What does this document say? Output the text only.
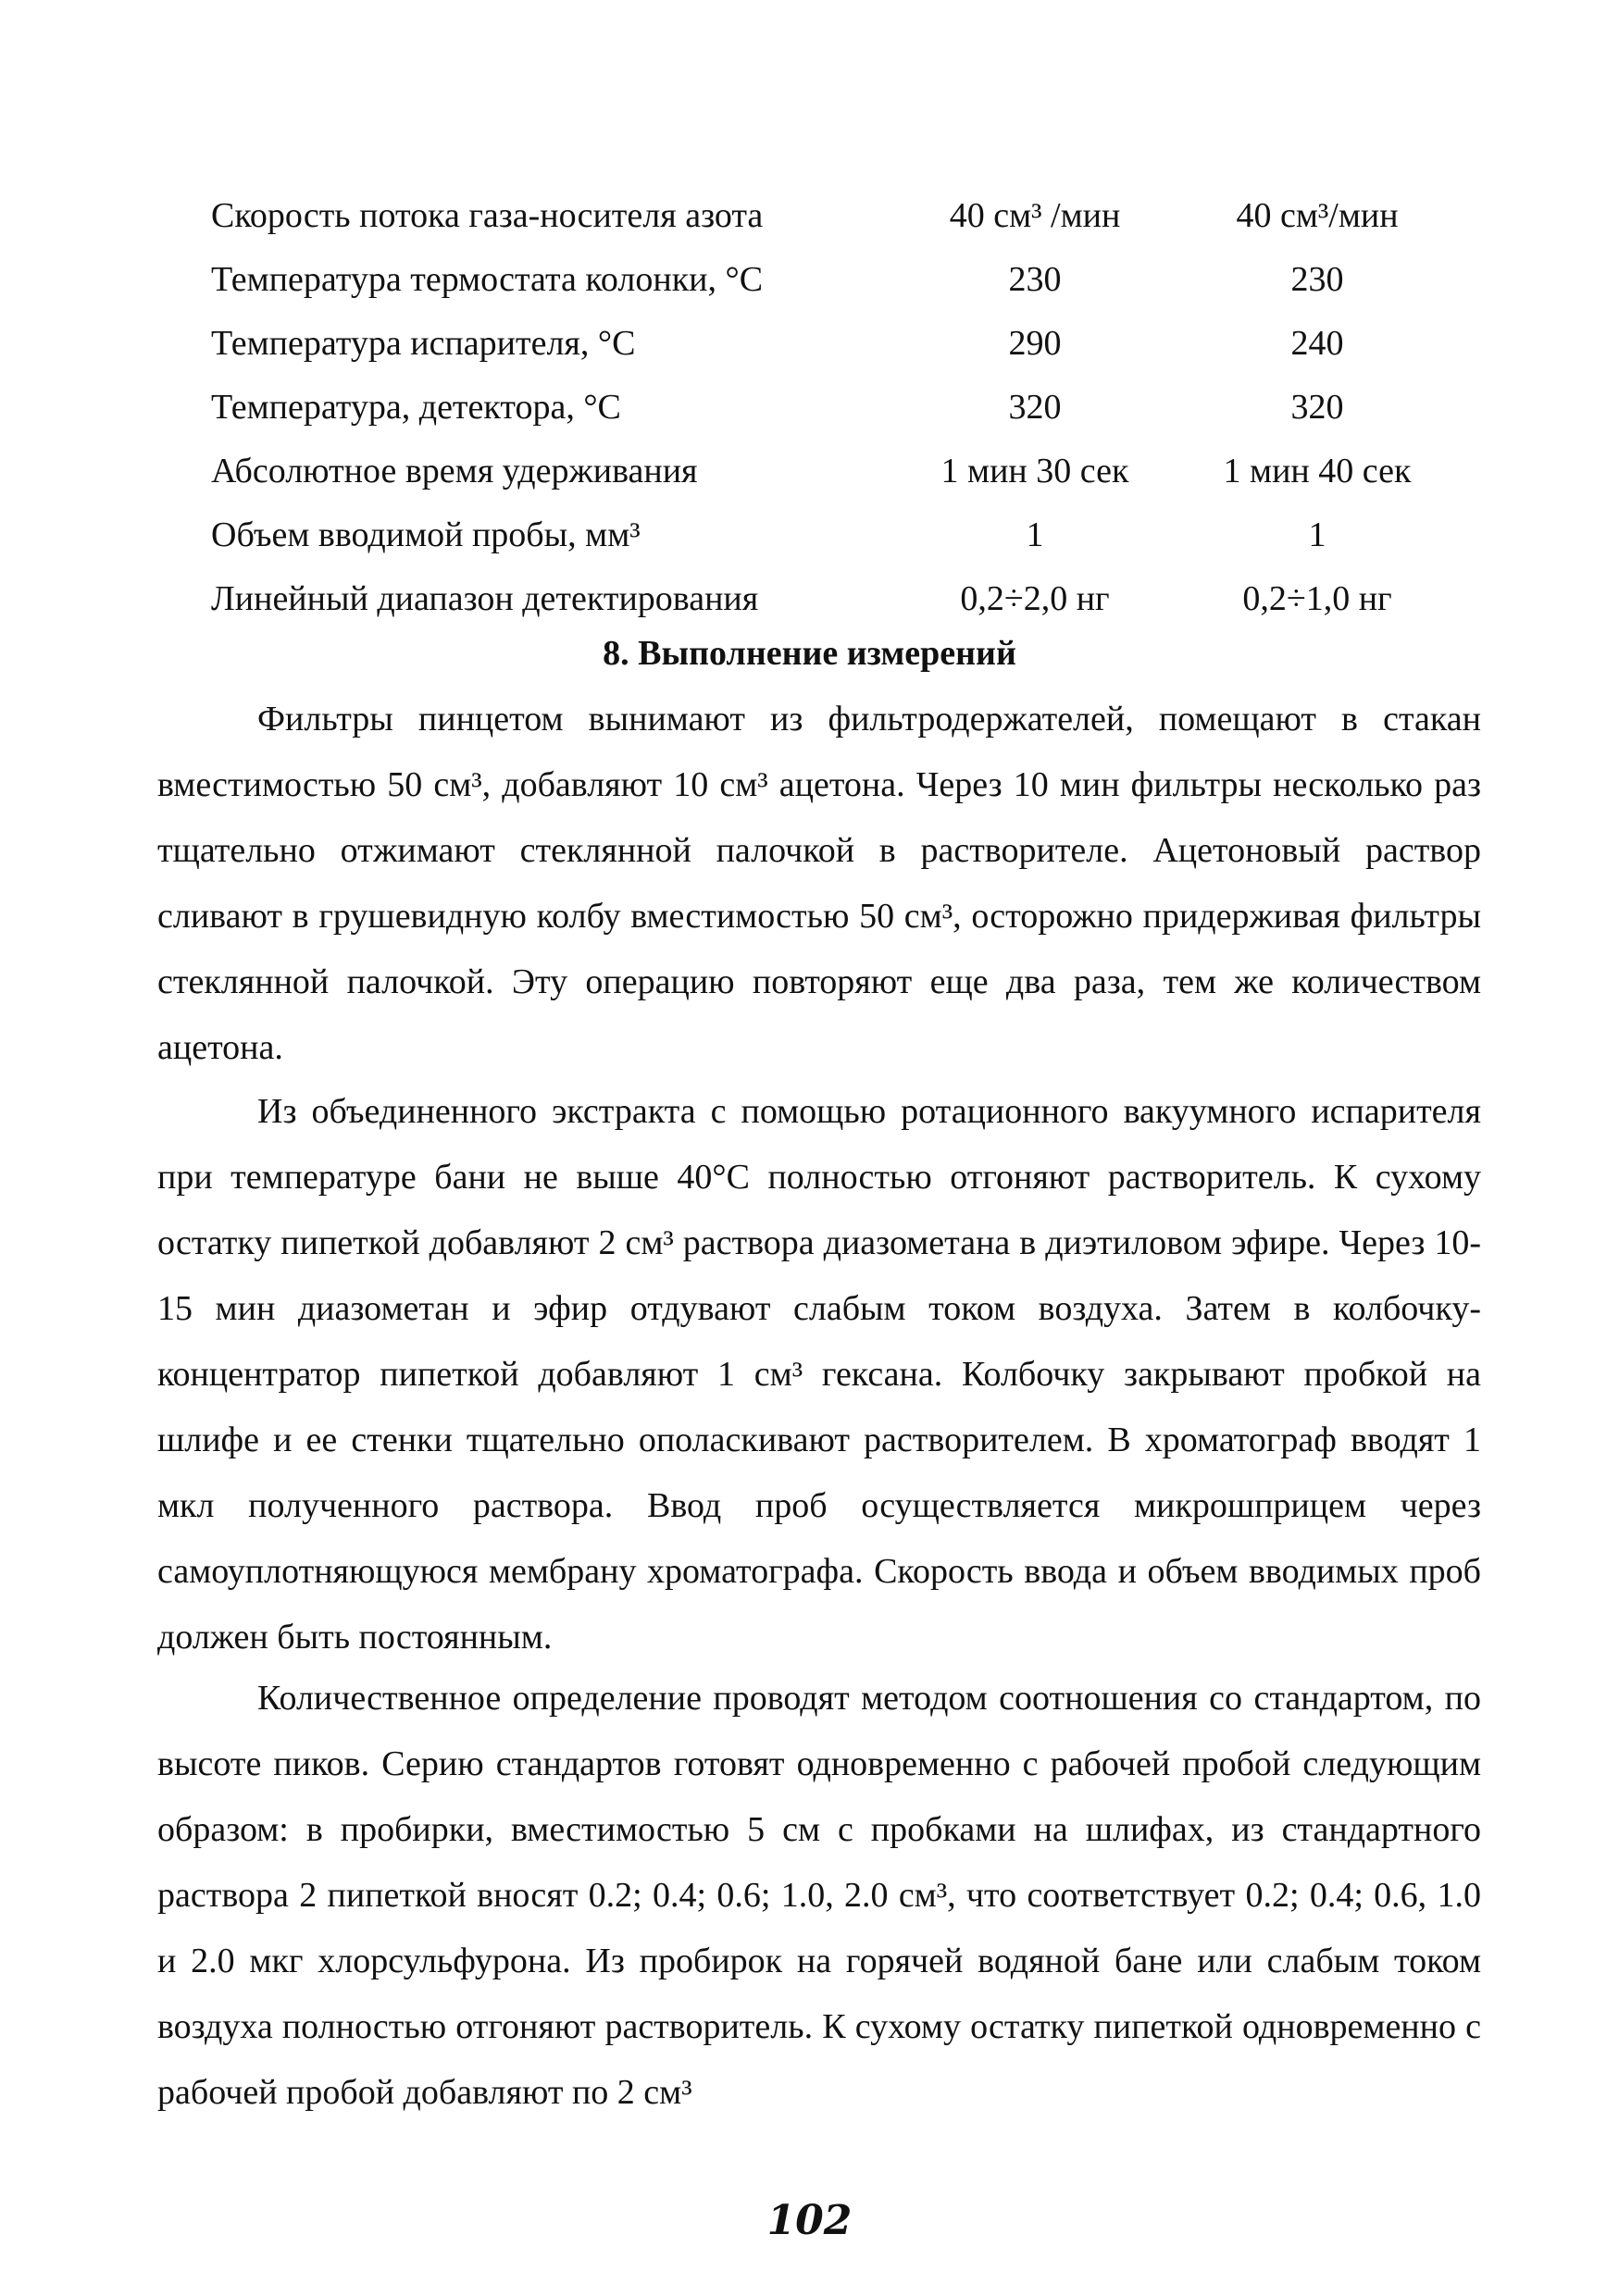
Скорость потока газа-носителя азота	40 см³ /мин	40 см³/мин
Температура термостата колонки, °С	230	230
Температура испарителя, °С	290	240
Температура, детектора, °С	320	320
Абсолютное время удерживания	1 мин 30 сек	1 мин 40 сек
Объем вводимой пробы, мм³	1	1
Линейный диапазон детектирования	0,2÷2,0 нг	0,2÷1,0 нг
8. Выполнение измерений

Фильтры пинцетом вынимают из фильтродержателей, помещают в стакан вместимостью 50 см³, добавляют 10 см³ ацетона. Через 10 мин фильтры несколько раз тщательно отжимают стеклянной палочкой в растворителе. Ацетоновый раствор сливают в грушевидную колбу вместимостью 50 см³, осторожно придерживая фильтры стеклянной палочкой. Эту операцию повторяют еще два раза, тем же количеством ацетона.

Из объединенного экстракта с помощью ротационного вакуумного испарителя при температуре бани не выше 40°С полностью отгоняют растворитель. К сухому остатку пипеткой добавляют 2 см³ раствора диазометана в диэтиловом эфире. Через 10-15 мин диазометан и эфир отдувают слабым током воздуха. Затем в колбочку-концентратор пипеткой добавляют 1 см³ гексана. Колбочку закрывают пробкой на шлифе и ее стенки тщательно ополаскивают растворителем. В хроматограф вводят 1 мкл полученного раствора. Ввод проб осуществляется микрошприцем через самоуплотняющуюся мембрану хроматографа. Скорость ввода и объем вводимых проб должен быть постоянным.

Количественное определение проводят методом соотношения со стандартом, по высоте пиков. Серию стандартов готовят одновременно с рабочей пробой следующим образом: в пробирки, вместимостью 5 см с пробками на шлифах, из стандартного раствора 2 пипеткой вносят 0.2; 0.4; 0.6; 1.0, 2.0 см³, что соответствует 0.2; 0.4; 0.6, 1.0 и 2.0 мкг хлорсульфурона. Из пробирок на горячей водяной бане или слабым током воздуха полностью отгоняют растворитель. К сухому остатку пипеткой одновременно с рабочей пробой добавляют по 2 см³

102
